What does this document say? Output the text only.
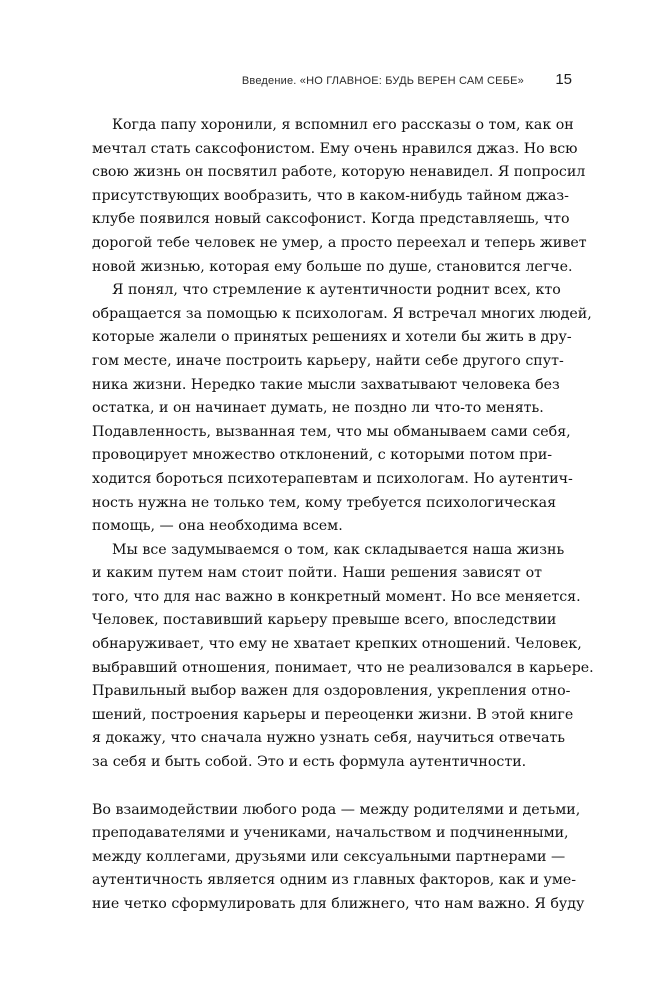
Введение. «НО ГЛАВНОЕ: БУДЬ ВЕРЕН САМ СЕБЕ» 15

Когда папу хоронили, я вспомнил его рассказы о том, как он
мечтал стать саксофонистом. Ему очень нравился джаз. Но всю
свою жизнь он посвятил работе, которую ненавидел. Я попросил
присутствующих вообразить, что в каком-нибудь тайном джаз-
клубе появился новый саксофонист. Когда представляешь, что
дорогой тебе человек не умер, а просто переехал и теперь живет
новой жизнью, которая ему больше по душе, становится легче.

Я понял, что стремление к аутентичности роднит всех, кто
обращается за помощью к психологам. Я встречал многих людей,
которые жалели о принятых решениях и хотели бы жить в дру-
гом месте, иначе построить карьеру, найти себе другого спут-
ника жизни. Нередко такие мысли захватывают человека без
остатка, и он начинает думать, не поздно ли что-то менять.
Подавленность, вызванная тем, что мы обманываем сами себя,
провоцирует множество отклонений, с которыми потом при-
ходится бороться психотерапевтам и психологам. Но аутентич-
ность нужна не только тем, кому требуется психологическая
помощь, — она необходима всем.

Мы все задумываемся о том, как складывается наша жизнь
и каким путем нам стоит пойти. Наши решения зависят от
того, что для нас важно в конкретный момент. Но все меняется.
Человек, поставивший карьеру превыше всего, впоследствии
обнаруживает, что ему не хватает крепких отношений. Человек,
выбравший отношения, понимает, что не реализовался в карьере.
Правильный выбор важен для оздоровления, укрепления отно-
шений, построения карьеры и переоценки жизни. В этой книге
я докажу, что сначала нужно узнать себя, научиться отвечать
за себя и быть собой. Это и есть формула аутентичности.

Во взаимодействии любого рода — между родителями и детьми,
преподавателями и учениками, начальством и подчиненными,
между коллегами, друзьями или сексуальными партнерами —
аутентичность является одним из главных факторов, как и уме-
ние четко сформулировать для ближнего, что нам важно. Я буду
